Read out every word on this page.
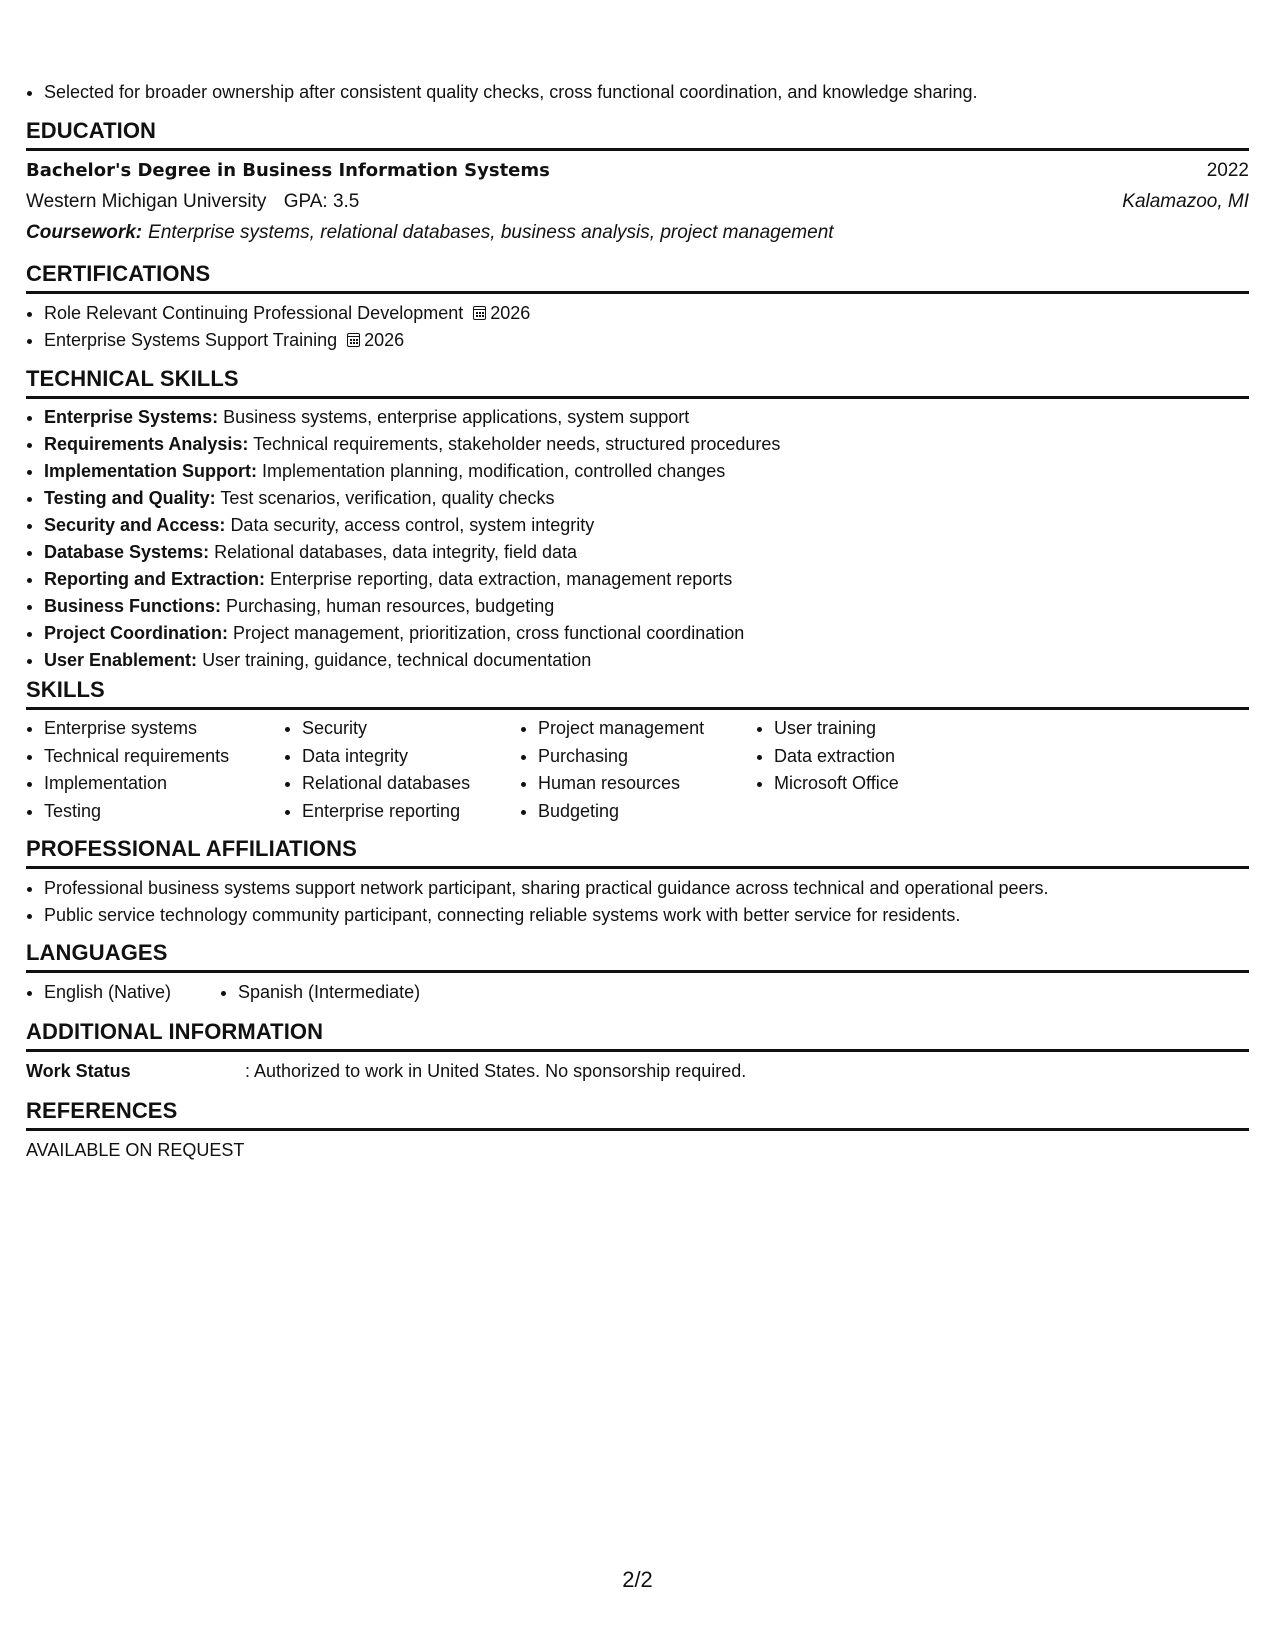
• Selected for broader ownership after consistent quality checks, cross functional coordination, and knowledge sharing.
EDUCATION
Bachelor's Degree in Business Information Systems	2022
Western Michigan University GPA: 3.5	Kalamazoo, MI
Coursework: Enterprise systems, relational databases, business analysis, project management
CERTIFICATIONS
• Role Relevant Continuing Professional Development 2026
• Enterprise Systems Support Training 2026
TECHNICAL SKILLS
• Enterprise Systems: Business systems, enterprise applications, system support
• Requirements Analysis: Technical requirements, stakeholder needs, structured procedures
• Implementation Support: Implementation planning, modification, controlled changes
• Testing and Quality: Test scenarios, verification, quality checks
• Security and Access: Data security, access control, system integrity
• Database Systems: Relational databases, data integrity, field data
• Reporting and Extraction: Enterprise reporting, data extraction, management reports
• Business Functions: Purchasing, human resources, budgeting
• Project Coordination: Project management, prioritization, cross functional coordination
• User Enablement: User training, guidance, technical documentation
SKILLS
• Enterprise systems
• Technical requirements
• Implementation
• Testing
• Security
• Data integrity
• Relational databases
• Enterprise reporting
• Project management
• Purchasing
• Human resources
• Budgeting
• User training
• Data extraction
• Microsoft Office
PROFESSIONAL AFFILIATIONS
• Professional business systems support network participant, sharing practical guidance across technical and operational peers.
• Public service technology community participant, connecting reliable systems work with better service for residents.
LANGUAGES
• English (Native)
•	Spanish (Intermediate)
ADDITIONAL INFORMATION
Work Status	: Authorized to work in United States. No sponsorship required.
REFERENCES
AVAILABLE ON REQUEST
2/2
